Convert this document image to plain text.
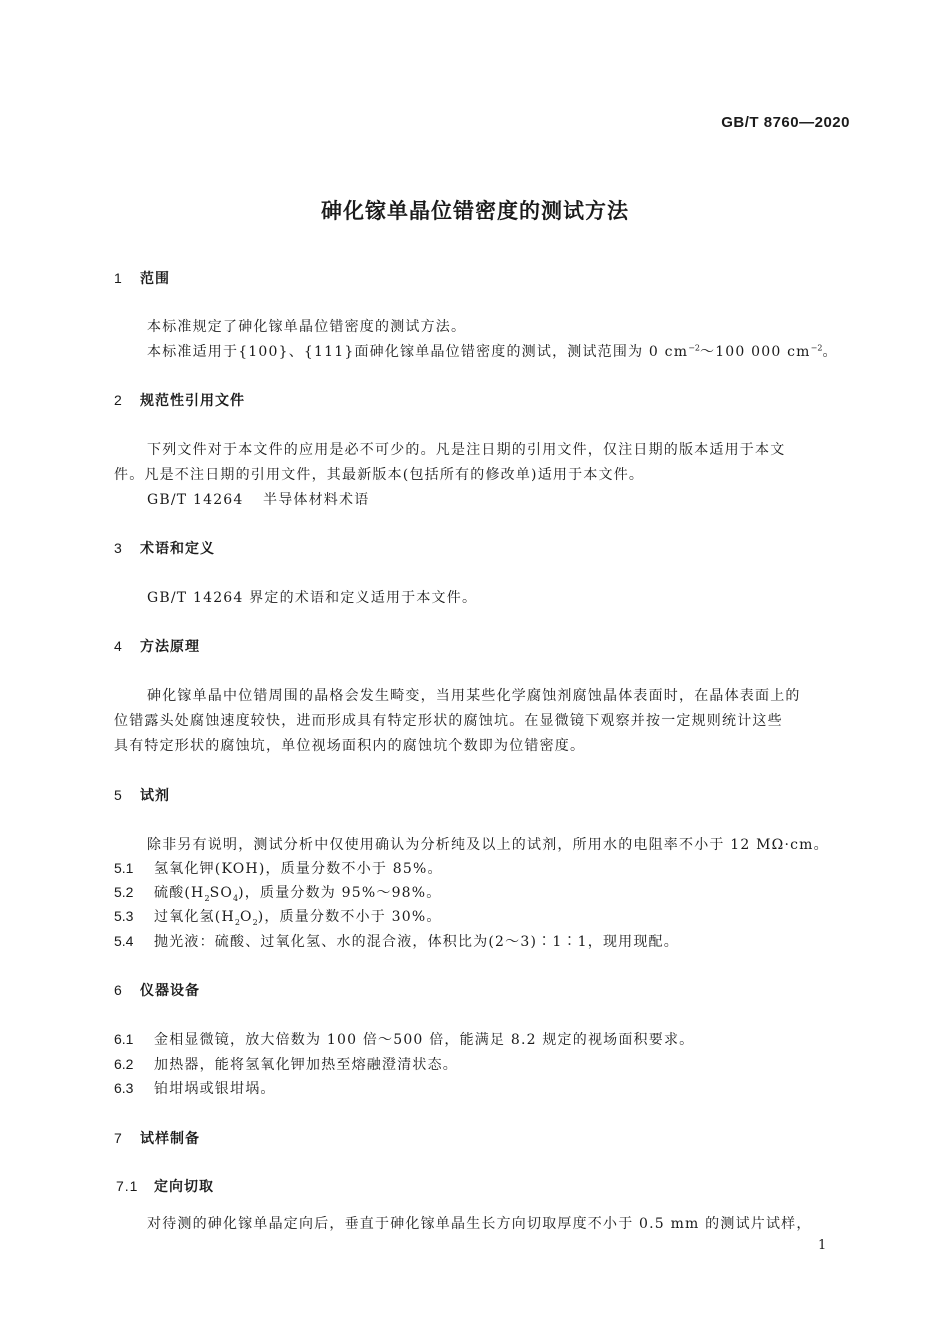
GB/T 8760—2020
砷化镓单晶位错密度的测试方法
1 范围
本标准规定了砷化镓单晶位错密度的测试方法。
本标准适用于{100}、{111}面砷化镓单晶位错密度的测试，测试范围为 0 $cm^{-2}\sim 100$ 000 $cm^{-2}$。
2 规范性引用文件
下列文件对于本文件的应用是必不可少的。凡是注日期的引用文件，仅注日期的版本适用于本文
件。凡是不注日期的引用文件，其最新版本(包括所有的修改单)适用于本文件。
GB/T 14264 半导体材料术语
3 术语和定义
GB/T 14264 界定的术语和定义适用于本文件。
4 方法原理
砷化镓单晶中位错周围的晶格会发生畸变，当用某些化学腐蚀剂腐蚀晶体表面时，在晶体表面上的
位错露头处腐蚀速度较快，进而形成具有特定形状的腐蚀坑。在显微镜下观察并按一定规则统计这些
具有特定形状的腐蚀坑，单位视场面积内的腐蚀坑个数即为位错密度。
5 试剂
除非另有说明，测试分析中仅使用确认为分析纯及以上的试剂，所用水的电阻率不小于 12 MΩ·cm。
5.1 氢氧化钾(KOH)，质量分数不小于 85%。
5.2 硫酸$(H_2SO_4)$，质量分数为 95%～98%。
5.3 过氧化氢$(H_2O_2)$，质量分数不小于 30%。
5.4 抛光液：硫酸、过氧化氢、水的混合液，体积比为(2～3)∶1∶1，现用现配。
6 仪器设备
6.1 金相显微镜，放大倍数为 100 倍～500 倍，能满足 8.2 规定的视场面积要求。
6.2 加热器，能将氢氧化钾加热至熔融澄清状态。
6.3 铂坩埚或银坩埚。
7 试样制备
7.1 定向切取
对待测的砷化镓单晶定向后，垂直于砷化镓单晶生长方向切取厚度不小于 0.5 mm 的测试片试样，
1
